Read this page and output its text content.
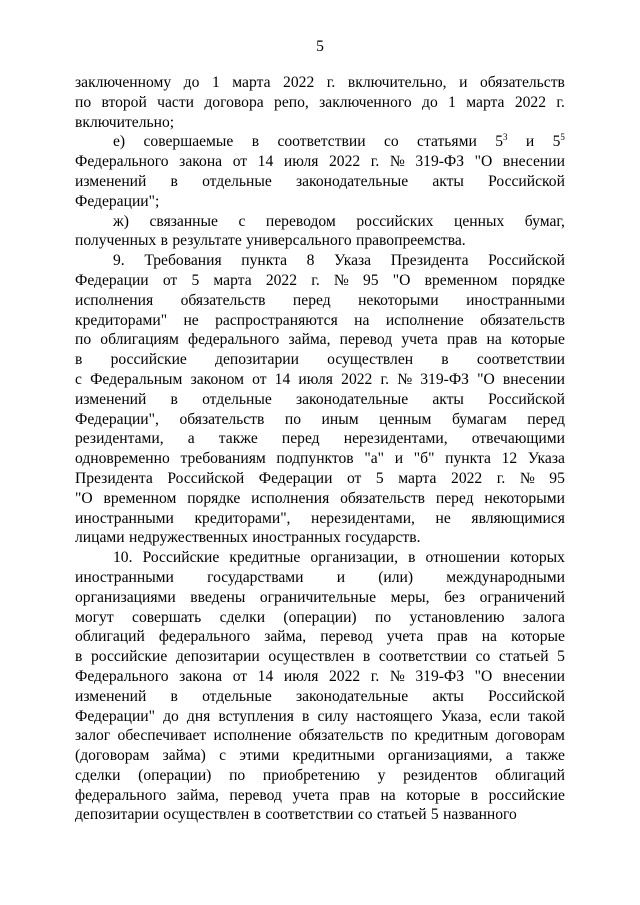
5
заключенному до 1 марта 2022 г. включительно, и обязательств
по второй части договора репо, заключенного до 1 марта 2022 г.
включительно;
е) совершаемые в соответствии со статьями $5^3$ и $5^5$
Федерального закона от 14 июля 2022 г. № 319-ФЗ "О внесении
изменений в отдельные законодательные акты Российской
Федерации";
ж) связанные с переводом российских ценных бумаг,
полученных в результате универсального правопреемства.
9. Требования пункта 8 Указа Президента Российской
Федерации от 5 марта 2022 г. № 95 "О временном порядке
исполнения обязательств перед некоторыми иностранными
кредиторами" не распространяются на исполнение обязательств
по облигациям федерального займа, перевод учета прав на которые
в российские депозитарии осуществлен в соответствии
с Федеральным законом от 14 июля 2022 г. № 319-ФЗ "О внесении
изменений в отдельные законодательные акты Российской
Федерации", обязательств по иным ценным бумагам перед
резидентами, а также перед нерезидентами, отвечающими
одновременно требованиям подпунктов "а" и "б" пункта 12 Указа
Президента Российской Федерации от 5 марта 2022 г. № 95
"О временном порядке исполнения обязательств перед некоторыми
иностранными кредиторами", нерезидентами, не являющимися
лицами недружественных иностранных государств.
10. Российские кредитные организации, в отношении которых
иностранными государствами и (или) международными
организациями введены ограничительные меры, без ограничений
могут совершать сделки (операции) по установлению залога
облигаций федерального займа, перевод учета прав на которые
в российские депозитарии осуществлен в соответствии со статьей 5
Федерального закона от 14 июля 2022 г. № 319-ФЗ "О внесении
изменений в отдельные законодательные акты Российской
Федерации" до дня вступления в силу настоящего Указа, если такой
залог обеспечивает исполнение обязательств по кредитным договорам
(договорам займа) с этими кредитными организациями, а также
сделки (операции) по приобретению у резидентов облигаций
федерального займа, перевод учета прав на которые в российские
депозитарии осуществлен в соответствии со статьей 5 названного
